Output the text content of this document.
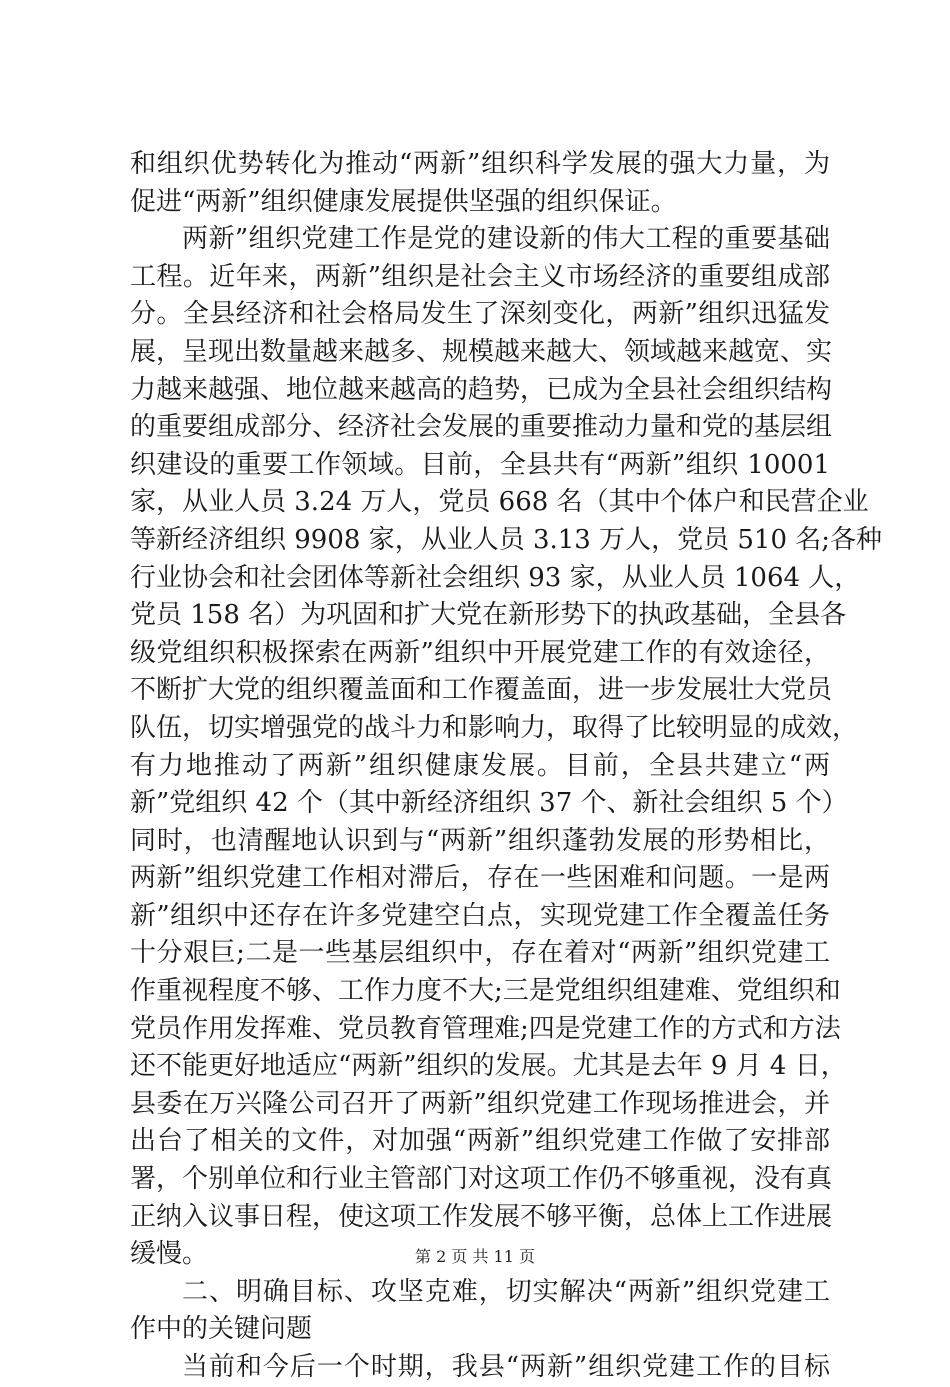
和组织优势转化为推动“两新”组织科学发展的强大力量，为
促进“两新”组织健康发展提供坚强的组织保证。
两新”组织党建工作是党的建设新的伟大工程的重要基础
工程。近年来，两新”组织是社会主义市场经济的重要组成部
分。全县经济和社会格局发生了深刻变化，两新”组织迅猛发
展，呈现出数量越来越多、规模越来越大、领域越来越宽、实
力越来越强、地位越来越高的趋势，已成为全县社会组织结构
的重要组成部分、经济社会发展的重要推动力量和党的基层组
织建设的重要工作领域。目前，全县共有“两新”组织 10001
家，从业人员 3.24 万人，党员 668 名（其中个体户和民营企业
等新经济组织 9908 家，从业人员 3.13 万人，党员 510 名;各种
行业协会和社会团体等新社会组织 93 家，从业人员 1064 人，
党员 158 名）为巩固和扩大党在新形势下的执政基础，全县各
级党组织积极探索在两新”组织中开展党建工作的有效途径，
不断扩大党的组织覆盖面和工作覆盖面，进一步发展壮大党员
队伍，切实增强党的战斗力和影响力，取得了比较明显的成效，
有力地推动了两新”组织健康发展。目前，全县共建立“两
新”党组织 42 个（其中新经济组织 37 个、新社会组织 5 个）
同时，也清醒地认识到与“两新”组织蓬勃发展的形势相比，
两新”组织党建工作相对滞后，存在一些困难和问题。一是两
新”组织中还存在许多党建空白点，实现党建工作全覆盖任务
十分艰巨;二是一些基层组织中，存在着对“两新”组织党建工
作重视程度不够、工作力度不大;三是党组织组建难、党组织和
党员作用发挥难、党员教育管理难;四是党建工作的方式和方法
还不能更好地适应“两新”组织的发展。尤其是去年 9 月 4 日，
县委在万兴隆公司召开了两新”组织党建工作现场推进会，并
出台了相关的文件，对加强“两新”组织党建工作做了安排部
署，个别单位和行业主管部门对这项工作仍不够重视，没有真
正纳入议事日程，使这项工作发展不够平衡，总体上工作进展
缓慢。
二、明确目标、攻坚克难，切实解决“两新”组织党建工
作中的关键问题
当前和今后一个时期，我县“两新”组织党建工作的目标
第 2 页 共 11 页
